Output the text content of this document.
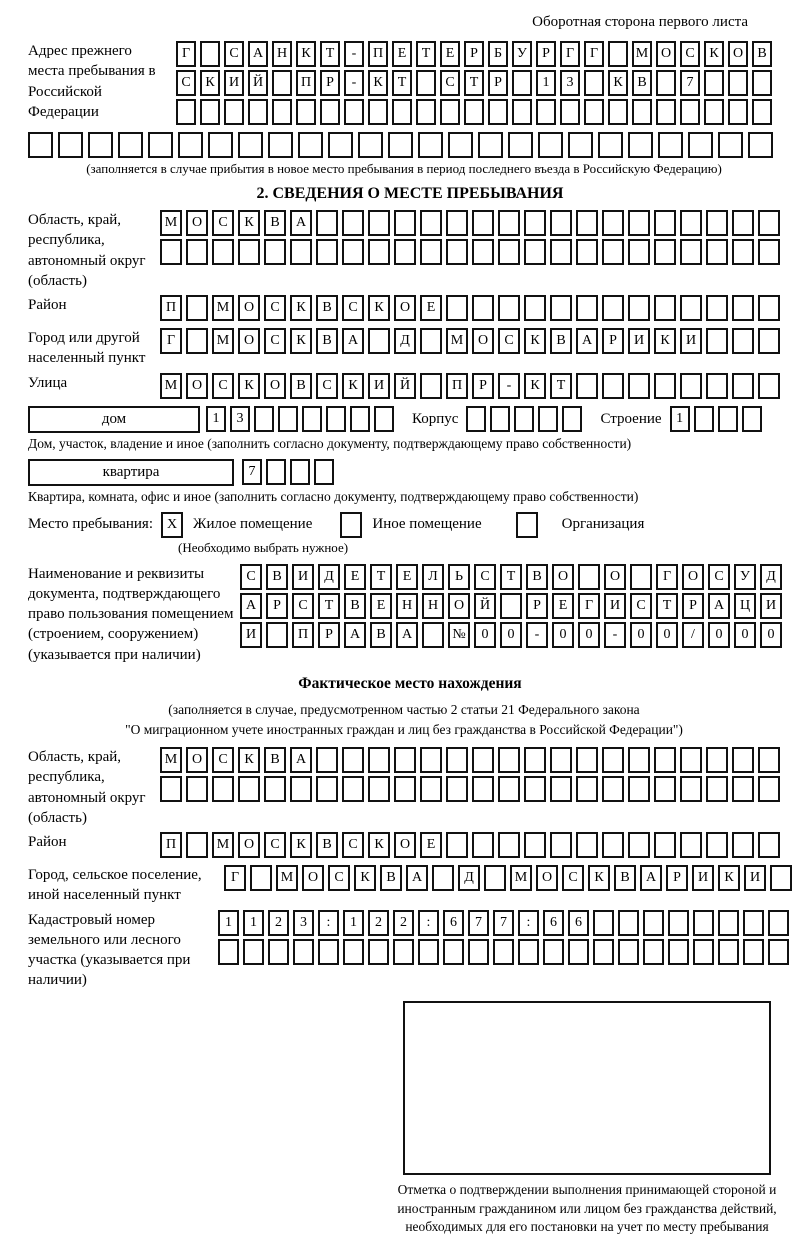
Оборотная сторона первого листа
Адрес прежнего места пребывания в Российской Федерации
Г	С	А Н	К	Т	-	П	Е	Т	Е	Р	Б	У	Р	Г	Г	М О	С	К	О	В
С	К	И Й	П	Р	-	К	Т	С	Т	Р	1	3	К	В	7
(заполняется в случае прибытия в новое место пребывания в период последнего въезда в Российскую Федерацию)
2. СВЕДЕНИЯ О МЕСТЕ ПРЕБЫВАНИЯ
Область, край, республика, автономный округ (область)
М	О	С	К	В	А
Район	П	М	О	С	К	В	С	К	О	Е
Город или другой населенный пункт
Г	М	О	С	К	В	А	Д	М	О	С	К	В	А	Р	И	К	И
Улица	М	О	С	К	О	В	С	К	И	Й	П	Р	-	К	Т
дом	1	3	Корпус	Строение	1
Дом, участок, владение и иное (заполнить согласно документу, подтверждающему право собственности)
квартира	7
Квартира, комната, офис и иное (заполнить согласно документу, подтверждающему право собственности)
Место пребывания: X	Жилое помещение	Иное помещение	Организация
(Необходимо выбрать нужное)
Наименование и реквизиты документа, подтверждающего право пользования помещением (строением, сооружением) (указывается при наличии)
С	В	И	Д	Е	Т	Е	Л	Ь	С	Т	В	О	О	Г	О	С	У	Д
А	Р	С	Т	В	Е	Н	Н	О	Й	Р	Е	Г	И	С	Т	Р	А	Ц	И
И	П	Р	А	В	А	№	0	0	-	0	0	-	0	0	/	0	0	0
Фактическое место нахождения
(заполняется в случае, предусмотренном частью 2 статьи 21 Федерального закона
"О миграционном учете иностранных граждан и лиц без гражданства в Российской Федерации")
Область, край, республика, автономный округ (область)
М	О	С	К	В	А
Район	П	М	О	С	К	В	С	К	О	Е
Город, сельское поселение, иной населенный пункт
Г	М	О	С	К	В	А	Д	М	О	С	К	В	А	Р	И	К	И
Кадастровый номер земельного или лесного участка (указывается при наличии)
1	1	2	3	:	1	2	2	:	6	7	7	:	6	6
Отметка о подтверждении выполнения принимающей стороной и иностранным гражданином или лицом без гражданства действий, необходимых для его постановки на учет по месту пребывания
